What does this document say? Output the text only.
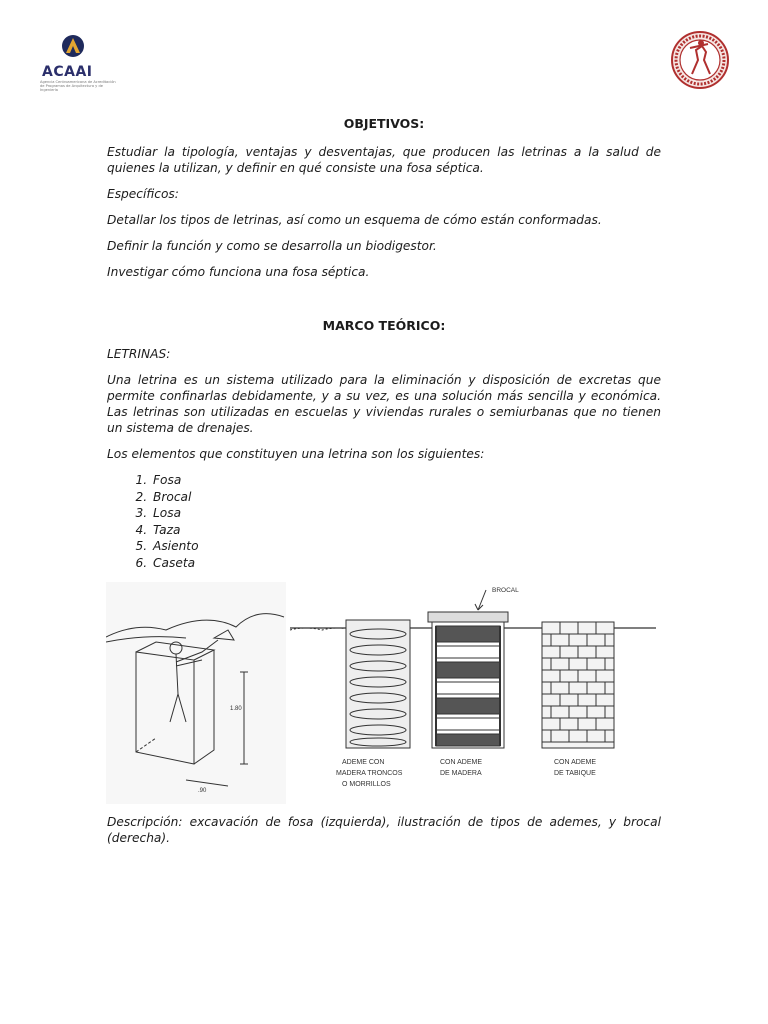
ACAAI
Agencia Centroamericana de Acreditación de Programas de Arquitectura y de Ingeniería
OBJETIVOS:
Estudiar la tipología, ventajas y desventajas, que producen las letrinas a la salud de quienes la utilizan, y definir en qué consiste una fosa séptica.
Específicos:
Detallar los tipos de letrinas, así como un esquema de cómo están conformadas.
Definir la función y como se desarrolla un biodigestor.
Investigar cómo funciona una fosa séptica.
MARCO TEÓRICO:
LETRINAS:
Una letrina es un sistema utilizado para la eliminación y disposición de excretas que permite confinarlas debidamente, y a su vez, es una solución más sencilla y económica. Las letrinas son utilizadas en escuelas y viviendas rurales o semiurbanas que no tienen un sistema de drenajes.
Los elementos que constituyen una letrina son los siguientes:
1. Fosa
2. Brocal
3. Losa
4. Taza
5. Asiento
6. Caseta
1.80
.90
BROCAL
ADEME CON
MADERA TRONCOS
O MORRILLOS
CON ADEME
DE MADERA
CON ADEME
DE TABIQUE
Descripción: excavación de fosa (izquierda), ilustración de tipos de ademes, y brocal (derecha).
